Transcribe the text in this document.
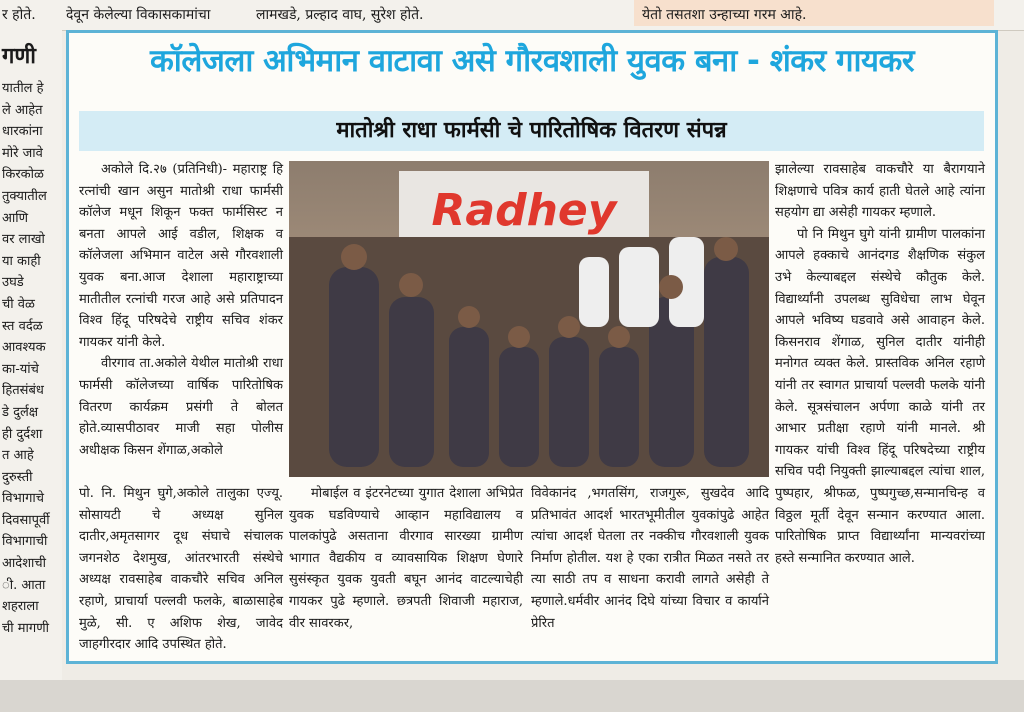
र होते. देवून केलेल्या विकासकामांचा	लामखडे, प्रल्हाद वाघ, सुरेश होते.	येतो तसतशा उन्हाच्या गरम आहे.
गणी
यातील हे
ले आहेत
धारकांना
मोरे जावे
किरकोळ
तुक्यातील
आणि
वर लाखो
या काही
उघडे
ची वेळ
स्त वर्दळ
आवश्यक
का-यांचे
हितसंबंध
डे दुर्लक्ष
ही दुर्दशा
त आहे
दुरुस्ती
विभागाचे
दिवसापूर्वी
विभागाची
आदेशाची
ी. आता
शहराला
ची मागणी
कॉलेजला अभिमान वाटावा असे गौरवशाली युवक बना - शंकर गायकर
मातोश्री राधा फार्मसी चे पारितोषिक वितरण संपन्न

अकोले दि.२७ (प्रतिनिधी)- महाराष्ट्र हि रत्नांची खान असुन मातोश्री राधा फार्मसी कॉलेज मधून शिकून फक्त फार्मसिस्ट न बनता आपले आई वडील, शिक्षक व कॉलेजला अभिमान वाटेल असे गौरवशाली युवक बना.आज देशाला महाराष्ट्राच्या मातीतील रत्नांची गरज आहे असे प्रतिपादन विश्व हिंदू परिषदेचे राष्ट्रीय सचिव शंकर गायकर यांनी केले.

वीरगाव ता.अकोले येथील मातोश्री राधा फार्मसी कॉलेजच्या वार्षिक पारितोषिक वितरण कार्यक्रम प्रसंगी ते बोलत होते.व्यासपीठावर माजी सहा पोलीस अधीक्षक किसन शेंगाळ,अकोले

Radhey

झालेल्या रावसाहेब वाकचौरे या बैरागयाने शिक्षणाचे पवित्र कार्य हाती घेतले आहे त्यांना सहयोग द्या असेही गायकर म्हणाले.

पो नि मिथुन घुगे यांनी ग्रामीण पालकांना आपले हक्काचे आनंदगड शैक्षणिक संकुल उभे केल्याबद्दल संस्थेचे कौतुक केले. विद्यार्थ्यांनी उपलब्ध सुविधेचा लाभ घेवून आपले भविष्य घडवावे असे आवाहन केले. किसनराव शेंगाळ, सुनिल दातीर यांनीही मनोगत व्यक्त केले. प्रास्तविक अनिल रहाणे यांनी तर स्वागत प्राचार्या पल्लवी फलके यांनी केले. सूत्रसंचालन अर्पणा काळे यांनी तर आभार प्रतीक्षा रहाणे यांनी मानले. श्री गायकर यांची विश्व हिंदू परिषदेच्या राष्ट्रीय सचिव पदी नियुक्ती झाल्याबद्दल त्यांचा शाल, पुष्पहार, श्रीफळ, पुष्पगुच्छ,सन्मानचिन्ह व विठ्ठल मूर्ती देवून सन्मान करण्यात आला. पारितोषिक प्राप्त विद्यार्थ्यांना मान्यवरांच्या हस्ते सन्मानित करण्यात आले.

पो. नि. मिथुन घुगे,अकोले तालुका एज्यू. सोसायटी चे अध्यक्ष सुनिल दातीर,अमृतसागर दूध संघाचे संचालक जगनशेठ देशमुख, आंतरभारती संस्थेचे अध्यक्ष रावसाहेब वाकचौरे सचिव अनिल रहाणे, प्राचार्या पल्लवी फलके, बाळासाहेब मुळे, सी. ए अशिफ शेख, जावेद जाहगीरदार आदि उपस्थित होते.

मोबाईल व इंटरनेटच्या युगात देशाला अभिप्रेत युवक घडविण्याचे आव्हान महाविद्यालय व पालकांपुढे असताना वीरगाव सारख्या ग्रामीण भागात वैद्यकीय व व्यावसायिक शिक्षण घेणारे सुसंस्कृत युवक युवती बघून आनंद वाटल्याचेही गायकर पुढे म्हणाले. छत्रपती शिवाजी महाराज, वीर सावरकर,

विवेकानंद ,भगतसिंग, राजगुरू, सुखदेव आदि प्रतिभावंत आदर्श भारतभूमीतील युवकांपुढे आहेत त्यांचा आदर्श घेतला तर नक्कीच गौरवशाली युवक निर्माण होतील. यश हे एका रात्रीत मिळत नसते तर त्या साठी तप व साधना करावी लागते असेही ते म्हणाले.धर्मवीर आनंद दिघे यांच्या विचार व कार्याने प्रेरित
